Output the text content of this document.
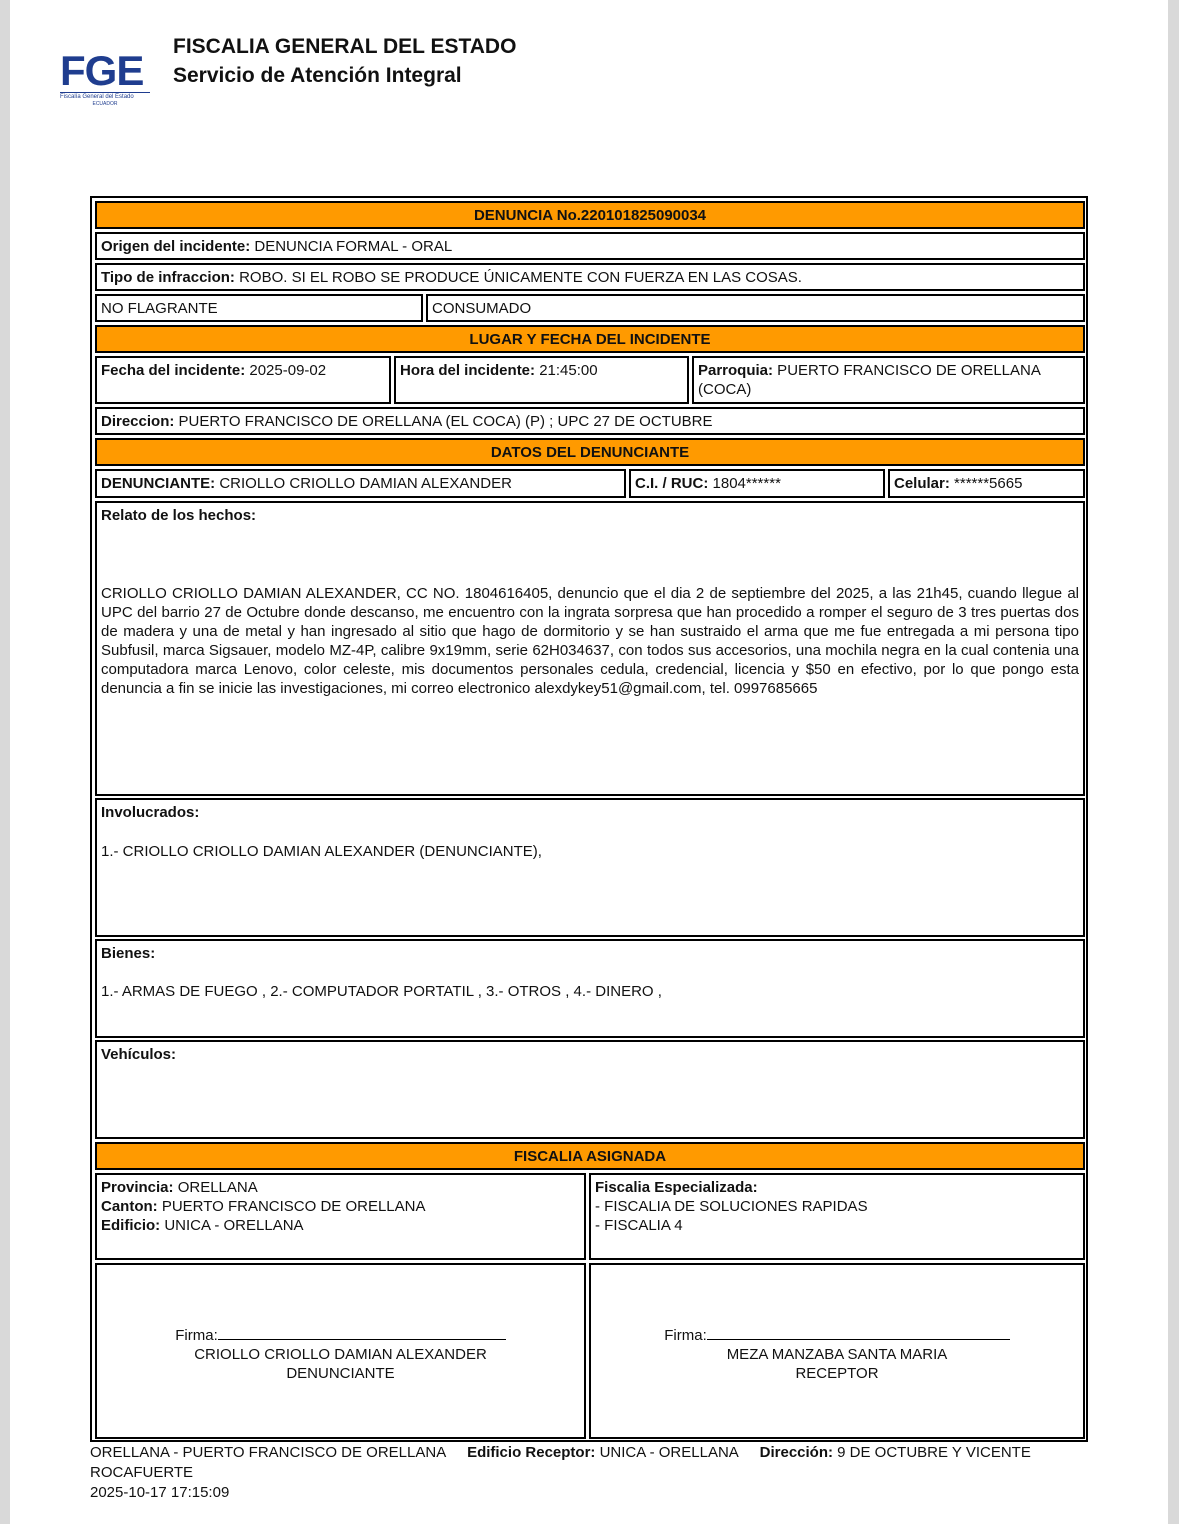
FGE
Fiscalía General del Estado
ECUADOR
FISCALIA GENERAL DEL ESTADO
Servicio de Atención Integral
DENUNCIA No.220101825090034
Origen del incidente: DENUNCIA FORMAL - ORAL
Tipo de infraccion: ROBO. SI EL ROBO SE PRODUCE ÚNICAMENTE CON FUERZA EN LAS COSAS.
NO FLAGRANTE	CONSUMADO
LUGAR Y FECHA DEL INCIDENTE
Fecha del incidente: 2025-09-02	Hora del incidente: 21:45:00	Parroquia: PUERTO FRANCISCO DE ORELLANA (COCA)
Direccion: PUERTO FRANCISCO DE ORELLANA (EL COCA) (P) ; UPC 27 DE OCTUBRE
DATOS DEL DENUNCIANTE
DENUNCIANTE: CRIOLLO CRIOLLO DAMIAN ALEXANDER	C.I. / RUC: 1804******	Celular: ******5665
Relato de los hechos:
CRIOLLO CRIOLLO DAMIAN ALEXANDER, CC NO. 1804616405, denuncio que el dia 2 de septiembre del 2025, a las 21h45, cuando llegue al UPC del barrio 27 de Octubre donde descanso, me encuentro con la ingrata sorpresa que han procedido a romper el seguro de 3 tres puertas dos de madera y una de metal y han ingresado al sitio que hago de dormitorio y se han sustraido el arma que me fue entregada a mi persona tipo Subfusil, marca Sigsauer, modelo MZ-4P, calibre 9x19mm, serie 62H034637, con todos sus accesorios, una mochila negra en la cual contenia una computadora marca Lenovo, color celeste, mis documentos personales cedula, credencial, licencia y $50 en efectivo, por lo que pongo esta denuncia a fin se inicie las investigaciones, mi correo electronico alexdykey51@gmail.com, tel. 0997685665
Involucrados:
1.- CRIOLLO CRIOLLO DAMIAN ALEXANDER (DENUNCIANTE),
Bienes:
1.- ARMAS DE FUEGO , 2.- COMPUTADOR PORTATIL , 3.- OTROS , 4.- DINERO ,
Vehículos:
FISCALIA ASIGNADA
Provincia: ORELLANA
Canton: PUERTO FRANCISCO DE ORELLANA
Edificio: UNICA - ORELLANA
Fiscalia Especializada:
- FISCALIA DE SOLUCIONES RAPIDAS
- FISCALIA 4
Firma:
CRIOLLO CRIOLLO DAMIAN ALEXANDER
DENUNCIANTE
Firma:
MEZA MANZABA SANTA MARIA
RECEPTOR
ORELLANA - PUERTO FRANCISCO DE ORELLANA Edificio Receptor: UNICA - ORELLANA Dirección: 9 DE OCTUBRE Y VICENTE ROCAFUERTE
2025-10-17 17:15:09
